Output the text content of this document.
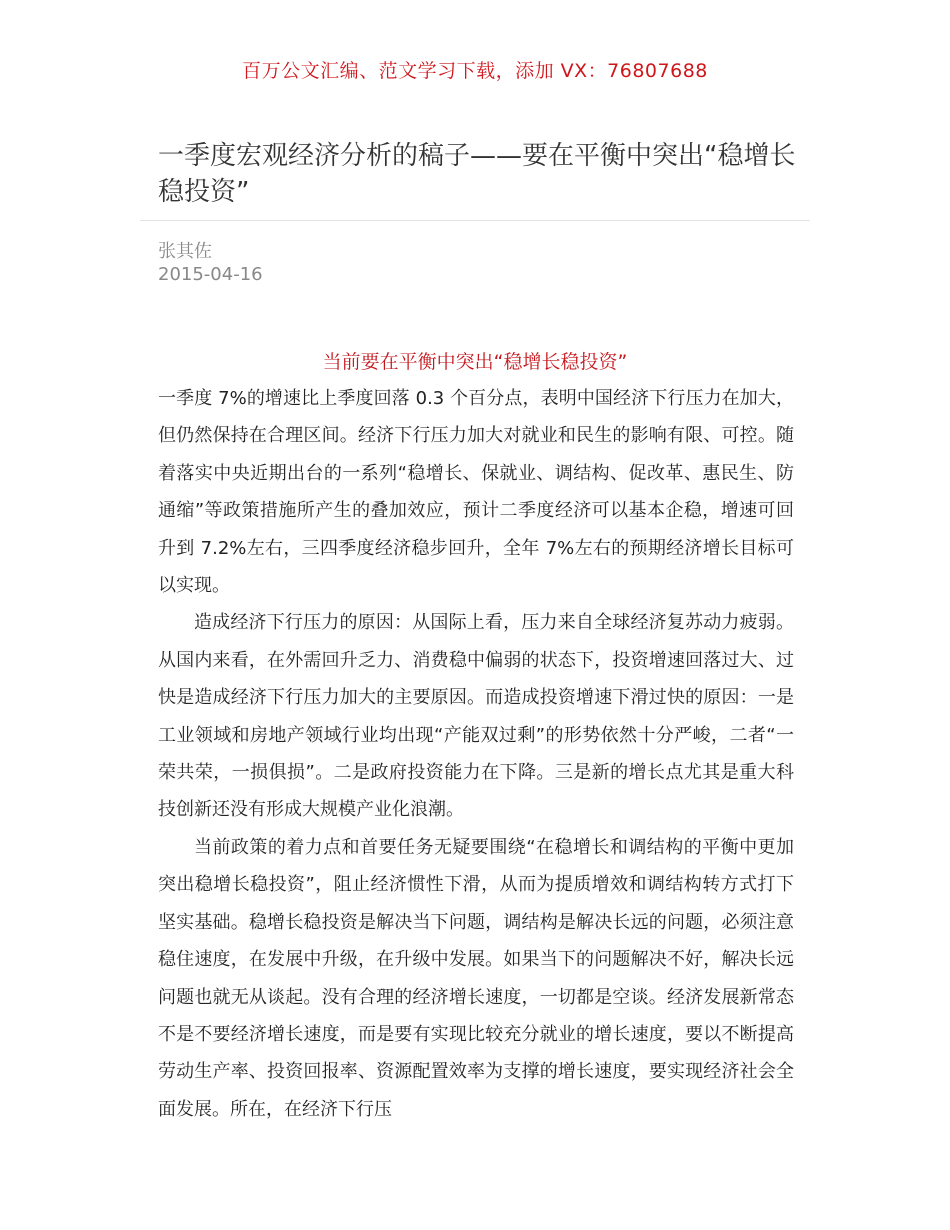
百万公文汇编、范文学习下载，添加 VX：76807688
一季度宏观经济分析的稿子——要在平衡中突出“稳增长稳投资”
张其佐
2015-04-16
当前要在平衡中突出“稳增长稳投资”

一季度 7%的增速比上季度回落 0.3 个百分点，表明中国经济下行压力在加大，但仍然保持在合理区间。经济下行压力加大对就业和民生的影响有限、可控。随着落实中央近期出台的一系列“稳增长、保就业、调结构、促改革、惠民生、防通缩”等政策措施所产生的叠加效应，预计二季度经济可以基本企稳，增速可回升到 7.2%左右，三四季度经济稳步回升，全年 7%左右的预期经济增长目标可以实现。

造成经济下行压力的原因：从国际上看，压力来自全球经济复苏动力疲弱。从国内来看，在外需回升乏力、消费稳中偏弱的状态下，投资增速回落过大、过快是造成经济下行压力加大的主要原因。而造成投资增速下滑过快的原因：一是工业领域和房地产领域行业均出现“产能双过剩”的形势依然十分严峻，二者“一荣共荣，一损俱损”。二是政府投资能力在下降。三是新的增长点尤其是重大科技创新还没有形成大规模产业化浪潮。

当前政策的着力点和首要任务无疑要围绕“在稳增长和调结构的平衡中更加突出稳增长稳投资”，阻止经济惯性下滑，从而为提质增效和调结构转方式打下坚实基础。稳增长稳投资是解决当下问题，调结构是解决长远的问题，必须注意稳住速度，在发展中升级，在升级中发展。如果当下的问题解决不好，解决长远问题也就无从谈起。没有合理的经济增长速度，一切都是空谈。经济发展新常态不是不要经济增长速度，而是要有实现比较充分就业的增长速度，要以不断提高劳动生产率、投资回报率、资源配置效率为支撑的增长速度，要实现经济社会全面发展。所在，在经济下行压
